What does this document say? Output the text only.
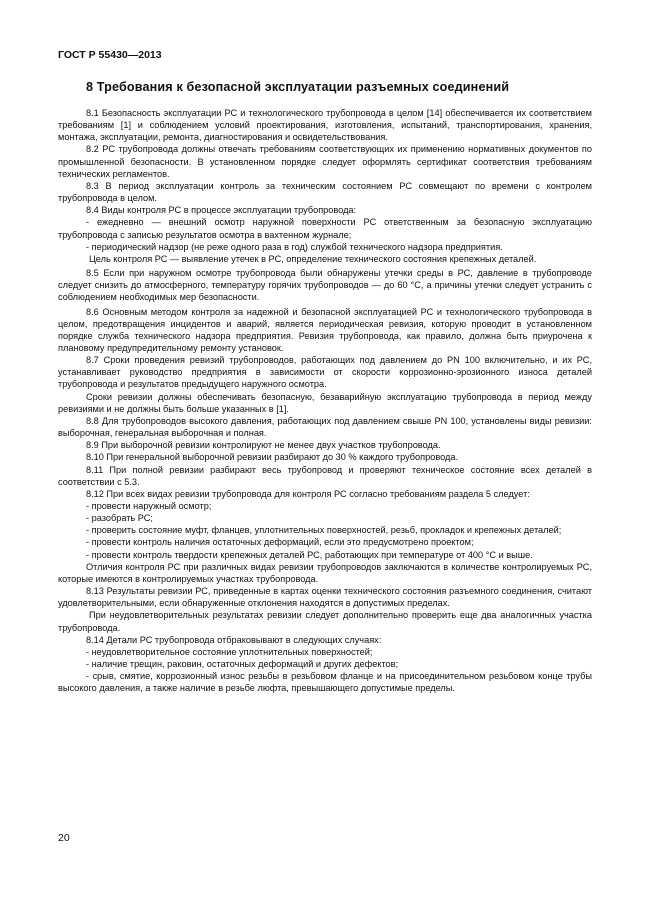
ГОСТ Р 55430—2013
8 Требования к безопасной эксплуатации разъемных соединений

8.1 Безопасность эксплуатации РС и технологического трубопровода в целом [14] обеспечивается их соответствием требованиям [1] и соблюдением условий проектирования, изготовления, испытаний, транспортирования, хранения, монтажа, эксплуатации, ремонта, диагностирования и освидетельствования.

8.2 РС трубопровода должны отвечать требованиям соответствующих их применению нормативных документов по промышленной безопасности. В установленном порядке следует оформлять сертификат соответствия требованиям технических регламентов.

8.3 В период эксплуатации контроль за техническим состоянием РС совмещают по времени с контролем трубопровода в целом.

8.4 Виды контроля РС в процессе эксплуатации трубопровода:

- ежедневно — внешний осмотр наружной поверхности РС ответственным за безопасную эксплуатацию трубопровода с записью результатов осмотра в вахтенном журнале;

- периодический надзор (не реже одного раза в год) службой технического надзора предприятия.

Цель контроля РС — выявление утечек в РС, определение технического состояния крепежных деталей.

8.5 Если при наружном осмотре трубопровода были обнаружены утечки среды в РС, давление в трубопроводе следует снизить до атмосферного, температуру горячих трубопроводов — до 60 °С, а причины утечки следует устранить с соблюдением необходимых мер безопасности.

8.6 Основным методом контроля за надежной и безопасной эксплуатацией РС и технологического трубопровода в целом, предотвращения инцидентов и аварий, является периодическая ревизия, которую проводит в установленном порядке служба технического надзора предприятия. Ревизия трубопровода, как правило, должна быть приурочена к плановому предупредительному ремонту установок.

8.7 Сроки проведения ревизий трубопроводов, работающих под давлением до PN 100 включительно, и их РС, устанавливает руководство предприятия в зависимости от скорости коррозионно-эрозионного износа деталей трубопровода и результатов предыдущего наружного осмотра.

Сроки ревизии должны обеспечивать безопасную, безаварийную эксплуатацию трубопровода в период между ревизиями и не должны быть больше указанных в [1].

8.8 Для трубопроводов высокого давления, работающих под давлением свыше PN 100, установлены виды ревизии: выборочная, генеральная выборочная и полная.

8.9 При выборочной ревизии контролируют не менее двух участков трубопровода.

8.10 При генеральной выборочной ревизии разбирают до 30 % каждого трубопровода.

8.11 При полной ревизии разбирают весь трубопровод и проверяют техническое состояние всех деталей в соответствии с 5.3.

8.12 При всех видах ревизии трубопровода для контроля РС согласно требованиям раздела 5 следует:

- провести наружный осмотр;

- разобрать РС;

- проверить состояние муфт, фланцев, уплотнительных поверхностей, резьб, прокладок и крепежных деталей;

- провести контроль наличия остаточных деформаций, если это предусмотрено проектом;

- провести контроль твердости крепежных деталей РС, работающих при температуре от 400 °С и выше.

Отличия контроля РС при различных видах ревизии трубопроводов заключаются в количестве контролируемых РС, которые имеются в контролируемых участках трубопровода.

8.13 Результаты ревизии РС, приведенные в картах оценки технического состояния разъемного соединения, считают удовлетворительными, если обнаруженные отклонения находятся в допустимых пределах.

При неудовлетворительных результатах ревизии следует дополнительно проверить еще два аналогичных участка трубопровода.

8.14 Детали РС трубопровода отбраковывают в следующих случаях:

- неудовлетворительное состояние уплотнительных поверхностей;

- наличие трещин, раковин, остаточных деформаций и других дефектов;

- срыв, смятие, коррозионный износ резьбы в резьбовом фланце и на присоединительном резьбовом конце трубы высокого давления, а также наличие в резьбе люфта, превышающего допустимые пределы.

20
